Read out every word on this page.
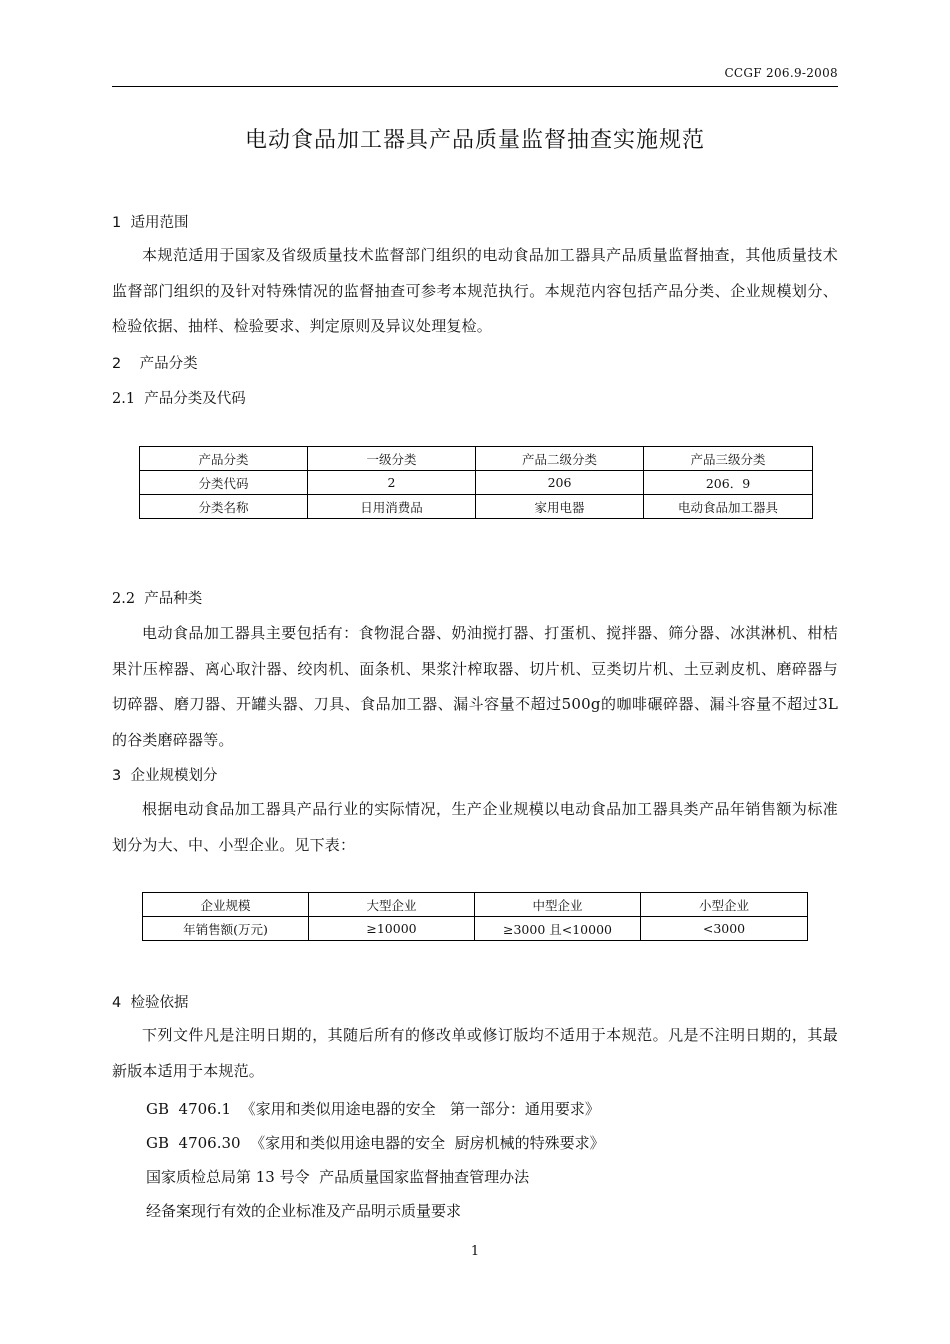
CCGF 206.9-2008
电动食品加工器具产品质量监督抽查实施规范
1  适用范围
本规范适用于国家及省级质量技术监督部门组织的电动食品加工器具产品质量监督抽查，其他质量技术监督部门组织的及针对特殊情况的监督抽查可参考本规范执行。本规范内容包括产品分类、企业规模划分、检验依据、抽样、检验要求、判定原则及异议处理复检。
2    产品分类
2.1  产品分类及代码
产品分类	一级分类	产品二级分类	产品三级分类
分类代码	2	206	206．9
分类名称	日用消费品	家用电器	电动食品加工器具
2.2  产品种类
电动食品加工器具主要包括有：食物混合器、奶油搅打器、打蛋机、搅拌器、筛分器、冰淇淋机、柑桔果汁压榨器、离心取汁器、绞肉机、面条机、果浆汁榨取器、切片机、豆类切片机、土豆剥皮机、磨碎器与切碎器、磨刀器、开罐头器、刀具、食品加工器、漏斗容量不超过500g的咖啡碾碎器、漏斗容量不超过3L的谷类磨碎器等。
3  企业规模划分
根据电动食品加工器具产品行业的实际情况，生产企业规模以电动食品加工器具类产品年销售额为标准划分为大、中、小型企业。见下表：
企业规模	大型企业	中型企业	小型企业
年销售额(万元)	≥10000	≥3000 且<10000	<3000
4  检验依据
下列文件凡是注明日期的，其随后所有的修改单或修订版均不适用于本规范。凡是不注明日期的，其最新版本适用于本规范。
GB  4706.1  《家用和类似用途电器的安全   第一部分：通用要求》
GB  4706.30  《家用和类似用途电器的安全  厨房机械的特殊要求》
国家质检总局第 13 号令  产品质量国家监督抽查管理办法
经备案现行有效的企业标准及产品明示质量要求
1
